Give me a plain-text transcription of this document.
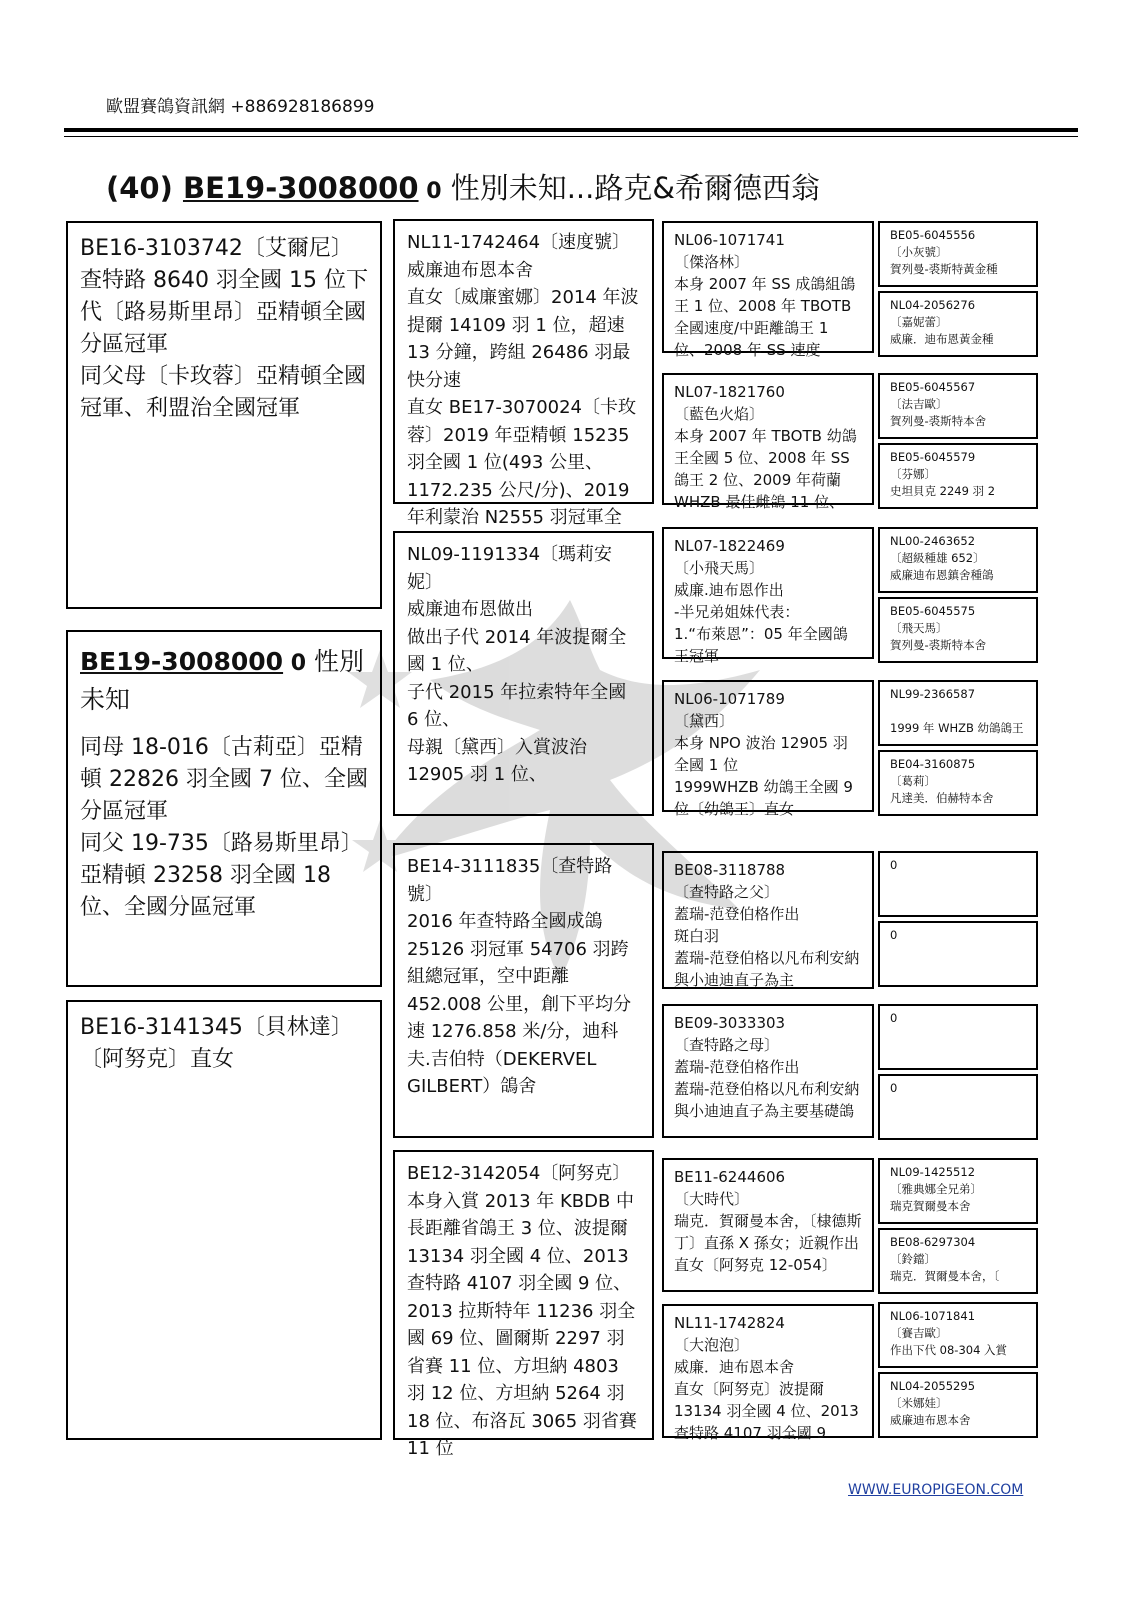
歐盟賽鴿資訊網 +886928186899
(40) BE19-3008000 0 性別未知...路克&希爾德西翁
BE16-3103742〔艾爾尼〕
查特路 8640 羽全國 15 位下代〔路易斯里昂〕亞精頓全國分區冠軍
同父母〔卡玫蓉〕亞精頓全國冠軍、利盟治全國冠軍
BE19-3008000 0 性別未知
同母 18-016〔古莉亞〕亞精頓 22826 羽全國 7 位、全國分區冠軍
同父 19-735〔路易斯里昂〕亞精頓 23258 羽全國 18 位、全國分區冠軍
BE16-3141345〔貝林達〕
〔阿努克〕直女
NL11-1742464〔速度號〕
威廉迪布恩本舍
直女〔威廉蜜娜〕2014 年波提爾 14109 羽 1 位，超速 13 分鐘，跨組 26486 羽最快分速
直女 BE17-3070024〔卡玫蓉〕2019 年亞精頓 15235 羽全國 1 位(493 公里、1172.235 公尺/分)、2019 年利蒙治 N2555 羽冠軍全
NL09-1191334〔瑪莉安妮〕
威廉迪布恩做出
做出子代 2014 年波提爾全國 1 位、
子代 2015 年拉索特年全國 6 位、
母親〔黛西〕入賞波治 12905 羽 1 位、
BE14-3111835〔查特路號〕
2016 年查特路全國成鴿 25126 羽冠軍 54706 羽跨組總冠軍，空中距離 452.008 公里，創下平均分速 1276.858 米/分，迪科夫.吉伯特（DEKERVEL GILBERT）鴿舍
BE12-3142054〔阿努克〕
本身入賞 2013 年 KBDB 中長距離省鴿王 3 位、波提爾 13134 羽全國 4 位、2013 查特路 4107 羽全國 9 位、2013 拉斯特年 11236 羽全國 69 位、圖爾斯 2297 羽省賽 11 位、方坦納 4803 羽 12 位、方坦納 5264 羽 18 位、布洛瓦 3065 羽省賽 11 位
NL06-1071741
〔傑洛林〕
本身 2007 年 SS 成鴿組鴿王 1 位、2008 年 TBOTB 全國速度/中距離鴿王 1 位、2008 年 SS 速度
NL07-1821760
〔藍色火焰〕
本身 2007 年 TBOTB 幼鴿王全國 5 位、2008 年 SS 鴿王 2 位、2009 年荷蘭 WHZB 最佳雌鴿 11 位、
NL07-1822469
〔小飛天馬〕
威廉.迪布恩作出
-半兄弟姐妹代表：
1.“布萊恩”：05 年全國鴿王冠軍
NL06-1071789
〔黛西〕
本身 NPO 波治 12905 羽全國 1 位
1999WHZB 幼鴿王全國 9 位〔幼鴿王〕直女
BE08-3118788
〔查特路之父〕
蓋瑞-范登伯格作出
斑白羽
蓋瑞-范登伯格以凡布利安納與小迪迪直子為主
BE09-3033303
〔查特路之母〕
蓋瑞-范登伯格作出
蓋瑞-范登伯格以凡布利安納與小迪迪直子為主要基礎鴿
BE11-6244606
〔大時代〕
瑞克．賀爾曼本舍，〔棣德斯丁〕直孫 X 孫女；近親作出
直女〔阿努克 12-054〕
NL11-1742824
〔大泡泡〕
威廉．迪布恩本舍
直女〔阿努克〕波提爾 13134 羽全國 4 位、2013 查特路 4107 羽全國 9
BE05-6045556
〔小灰號〕
賀列曼-裘斯特黃金種
NL04-2056276
〔嘉妮蕾〕
威廉．迪布恩黃金種
BE05-6045567
〔法吉歐〕
賀列曼-裘斯特本舍
BE05-6045579
〔芬娜〕
史坦貝克 2249 羽 2
NL00-2463652
〔超級種雄 652〕
威廉迪布恩鎮舍種鴿
BE05-6045575
〔飛天馬〕
賀列曼-裘斯特本舍
NL99-2366587

1999 年 WHZB 幼鴿鴿王
BE04-3160875
〔葛莉〕
凡達美．伯赫特本舍
0
0
0
0
NL09-1425512
〔雅典娜全兄弟〕
瑞克賀爾曼本舍
BE08-6297304
〔鈴鐺〕
瑞克．賀爾曼本舍，〔
NL06-1071841
〔賽吉歐〕
作出下代 08-304 入賞
NL04-2055295
〔米娜娃〕
威廉迪布恩本舍
WWW.EUROPIGEON.COM
